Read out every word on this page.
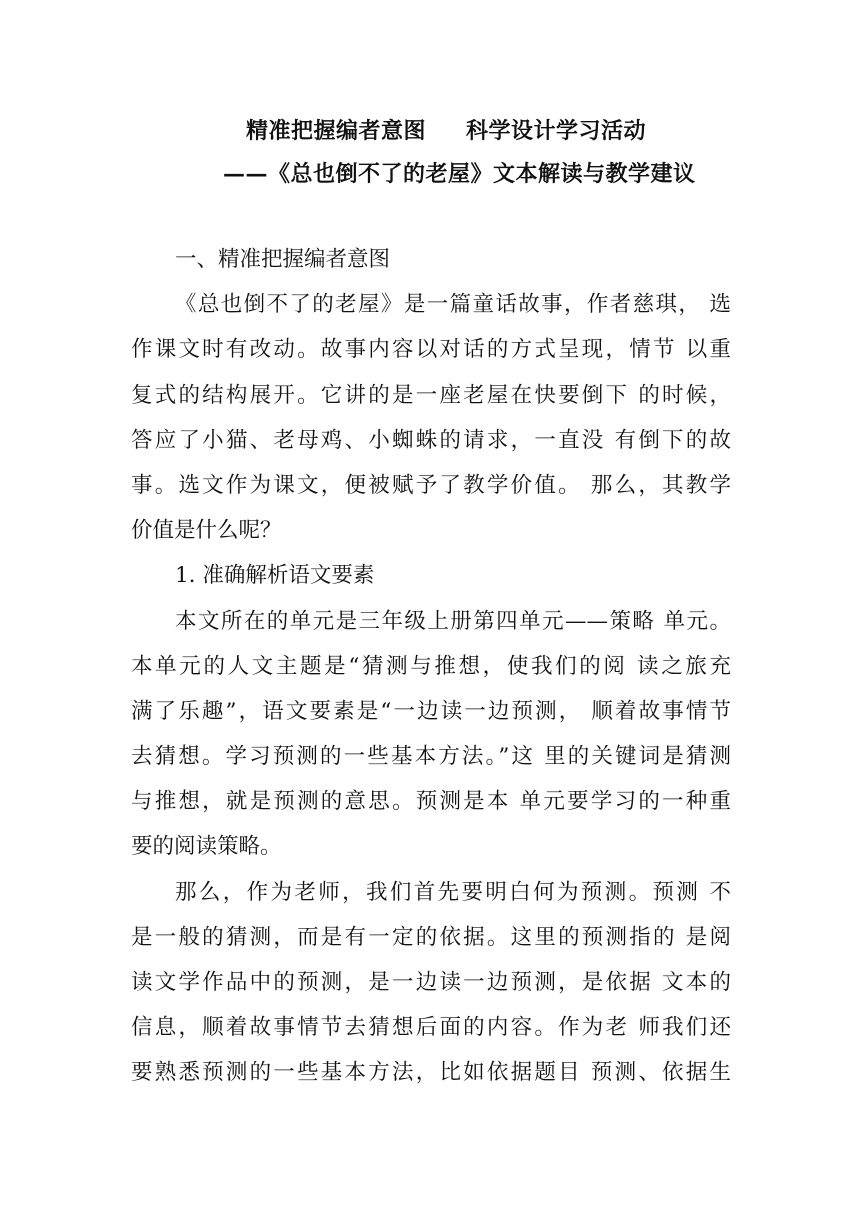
精准把握编者意图 科学设计学习活动
——《总也倒不了的老屋》文本解读与教学建议
一、精准把握编者意图
《总也倒不了的老屋》是一篇童话故事，作者慈琪， 选
作课文时有改动。故事内容以对话的方式呈现，情节 以重
复式的结构展开。它讲的是一座老屋在快要倒下 的时候，
答应了小猫、老母鸡、小蜘蛛的请求，一直没 有倒下的故
事。选文作为课文，便被赋予了教学价值。 那么，其教学
价值是什么呢？
1. 准确解析语文要素
本文所在的单元是三年级上册第四单元——策略 单元。
本单元的人文主题是“猜测与推想，使我们的阅 读之旅充
满了乐趣”，语文要素是“一边读一边预测， 顺着故事情节
去猜想。学习预测的一些基本方法。”这 里的关键词是猜测
与推想，就是预测的意思。预测是本 单元要学习的一种重
要的阅读策略。
那么，作为老师，我们首先要明白何为预测。预测 不
是一般的猜测，而是有一定的依据。这里的预测指的 是阅
读文学作品中的预测，是一边读一边预测，是依据 文本的
信息，顺着故事情节去猜想后面的内容。作为老 师我们还
要熟悉预测的一些基本方法，比如依据题目 预测、依据生
